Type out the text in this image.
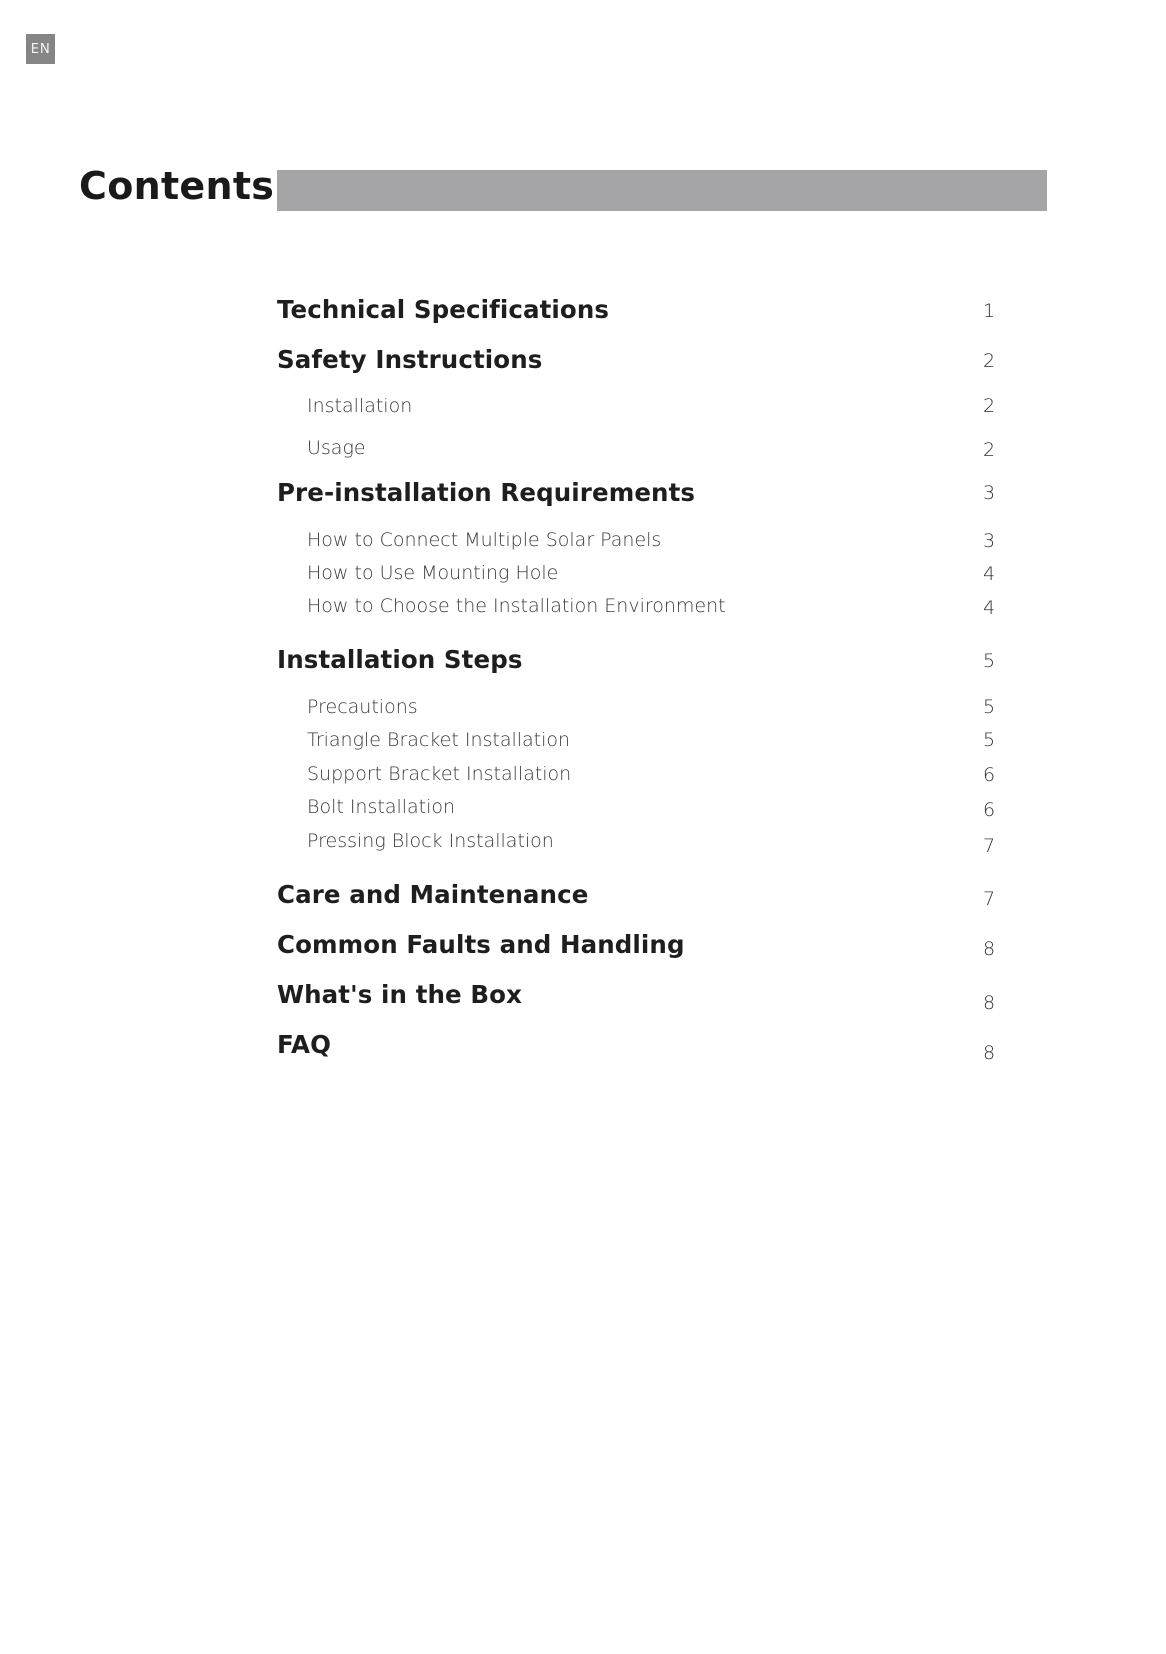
EN
Contents
Technical Specifications	1
Safety Instructions	2
Installation	2
Usage	2
Pre-installation Requirements	3
How to Connect Multiple Solar Panels	3
How to Use Mounting Hole	4
How to Choose the Installation Environment	4
Installation Steps	5
Precautions	5
Triangle Bracket Installation	5
Support Bracket Installation	6
Bolt Installation	6
Pressing Block Installation	7
Care and Maintenance	7
Common Faults and Handling	8
What's in the Box	8
FAQ	8
